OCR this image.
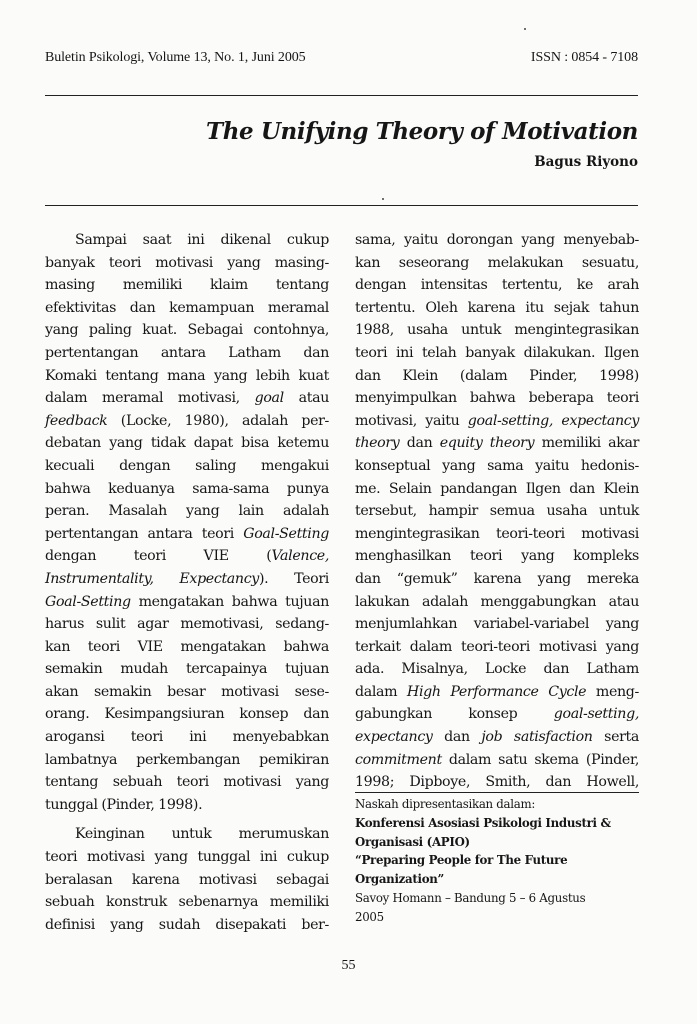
Buletin Psikologi, Volume 13, No. 1, Juni 2005	ISSN : 0854 - 7108
The Unifying Theory of Motivation
Bagus Riyono
Sampai saat ini dikenal cukup
banyak teori motivasi yang masing-
masing memiliki klaim tentang
efektivitas dan kemampuan meramal
yang paling kuat. Sebagai contohnya,
pertentangan antara Latham dan
Komaki tentang mana yang lebih kuat
dalam meramal motivasi, goal atau
feedback (Locke, 1980), adalah per-
debatan yang tidak dapat bisa ketemu
kecuali dengan saling mengakui
bahwa keduanya sama-sama punya
peran. Masalah yang lain adalah
pertentangan antara teori Goal-Setting
dengan teori VIE (Valence,
Instrumentality, Expectancy). Teori
Goal-Setting mengatakan bahwa tujuan
harus sulit agar memotivasi, sedang-
kan teori VIE mengatakan bahwa
semakin mudah tercapainya tujuan
akan semakin besar motivasi sese-
orang. Kesimpangsiuran konsep dan
arogansi teori ini menyebabkan
lambatnya perkembangan pemikiran
tentang sebuah teori motivasi yang
tunggal (Pinder, 1998).
Keinginan untuk merumuskan
teori motivasi yang tunggal ini cukup
beralasan karena motivasi sebagai
sebuah konstruk sebenarnya memiliki
definisi yang sudah disepakati ber-
sama, yaitu dorongan yang menyebab-
kan seseorang melakukan sesuatu,
dengan intensitas tertentu, ke arah
tertentu. Oleh karena itu sejak tahun
1988, usaha untuk mengintegrasikan
teori ini telah banyak dilakukan. Ilgen
dan Klein (dalam Pinder, 1998)
menyimpulkan bahwa beberapa teori
motivasi, yaitu goal-setting, expectancy
theory dan equity theory memiliki akar
konseptual yang sama yaitu hedonis-
me. Selain pandangan Ilgen dan Klein
tersebut, hampir semua usaha untuk
mengintegrasikan teori-teori motivasi
menghasilkan teori yang kompleks
dan “gemuk” karena yang mereka
lakukan adalah menggabungkan atau
menjumlahkan variabel-variabel yang
terkait dalam teori-teori motivasi yang
ada. Misalnya, Locke dan Latham
dalam High Performance Cycle meng-
gabungkan konsep goal-setting,
expectancy dan job satisfaction serta
commitment dalam satu skema (Pinder,
1998; Dipboye, Smith, dan Howell,
Naskah dipresentasikan dalam:
Konferensi Asosiasi Psikologi Industri &
Organisasi (APIO)
“Preparing People for The Future
Organization”
Savoy Homann – Bandung 5 – 6 Agustus
2005
55
